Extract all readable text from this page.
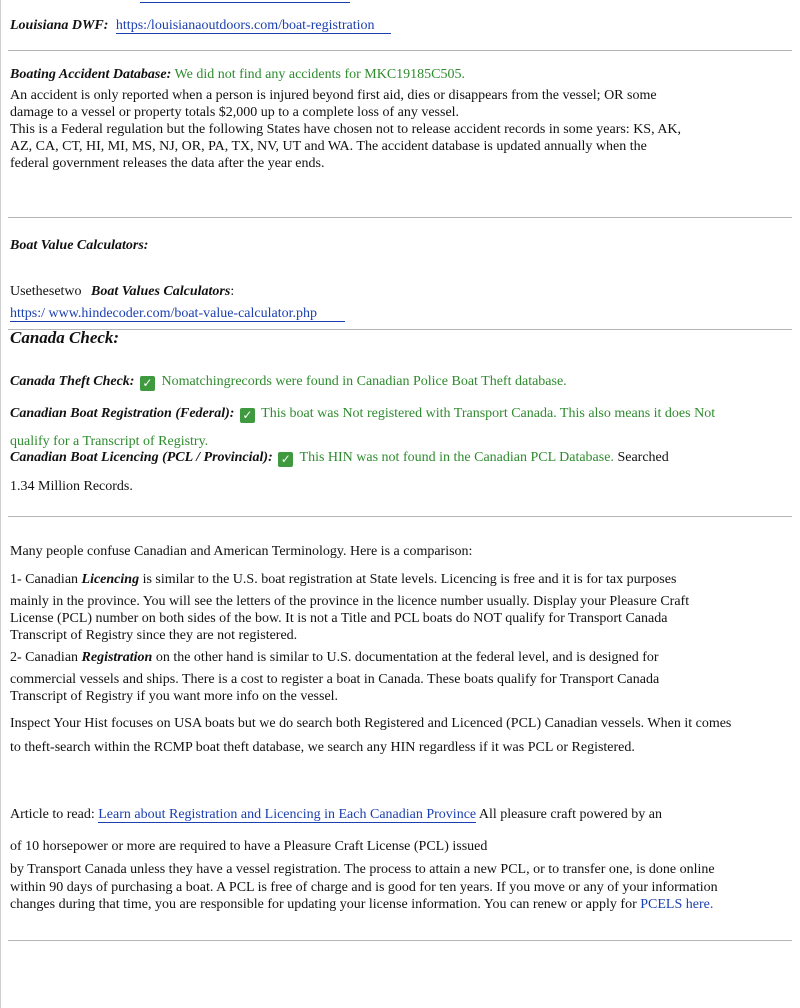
Louisiana DWF: https:/louisianaoutdoors.com/boat-registration
Boating Accident Database: We did not find any accidents for MKC19185C505.
An accident is only reported when a person is injured beyond first aid, dies or disappears from the vessel; OR some
damage to a vessel or property totals $2,000 up to a complete loss of any vessel.
This is a Federal regulation but the following States have chosen not to release accident records in some years: KS, AK,
AZ, CA, CT, HI, MI, MS, NJ, OR, PA, TX, NV, UT and WA. The accident database is updated annually when the
federal government releases the data after the year ends.
Boat Value Calculators:
Usethesetwo Boat Values Calculators:
https:/ www.hindecoder.com/boat-value-calculator.php
Canada Check:
Canada Theft Check: ✓ Nomatchingrecords were found in Canadian Police Boat Theft database.
Canadian Boat Registration (Federal): ✓ This boat was Not registered with Transport Canada. This also means it does Not
qualify for a Transcript of Registry.
Canadian Boat Licencing (PCL / Provincial): ✓ This HIN was not found in the Canadian PCL Database. Searched
1.34 Million Records.
Many people confuse Canadian and American Terminology. Here is a comparison:
1- Canadian Licencing is similar to the U.S. boat registration at State levels. Licencing is free and it is for tax purposes
mainly in the province. You will see the letters of the province in the licence number usually. Display your Pleasure Craft
License (PCL) number on both sides of the bow. It is not a Title and PCL boats do NOT qualify for Transport Canada
Transcript of Registry since they are not registered.
2- Canadian Registration on the other hand is similar to U.S. documentation at the federal level, and is designed for
commercial vessels and ships. There is a cost to register a boat in Canada. These boats qualify for Transport Canada
Transcript of Registry if you want more info on the vessel.
Inspect Your Hist focuses on USA boats but we do search both Registered and Licenced (PCL) Canadian vessels. When it comes
to theft-search within the RCMP boat theft database, we search any HIN regardless if it was PCL or Registered.
Article to read: Learn about Registration and Licencing in Each Canadian Province All pleasure craft powered by an
of 10 horsepower or more are required to have a Pleasure Craft License (PCL) issued
by Transport Canada unless they have a vessel registration. The process to attain a new PCL, or to transfer one, is done online
within 90 days of purchasing a boat. A PCL is free of charge and is good for ten years. If you move or any of your information
changes during that time, you are responsible for updating your license information. You can renew or apply for PCELS here.
